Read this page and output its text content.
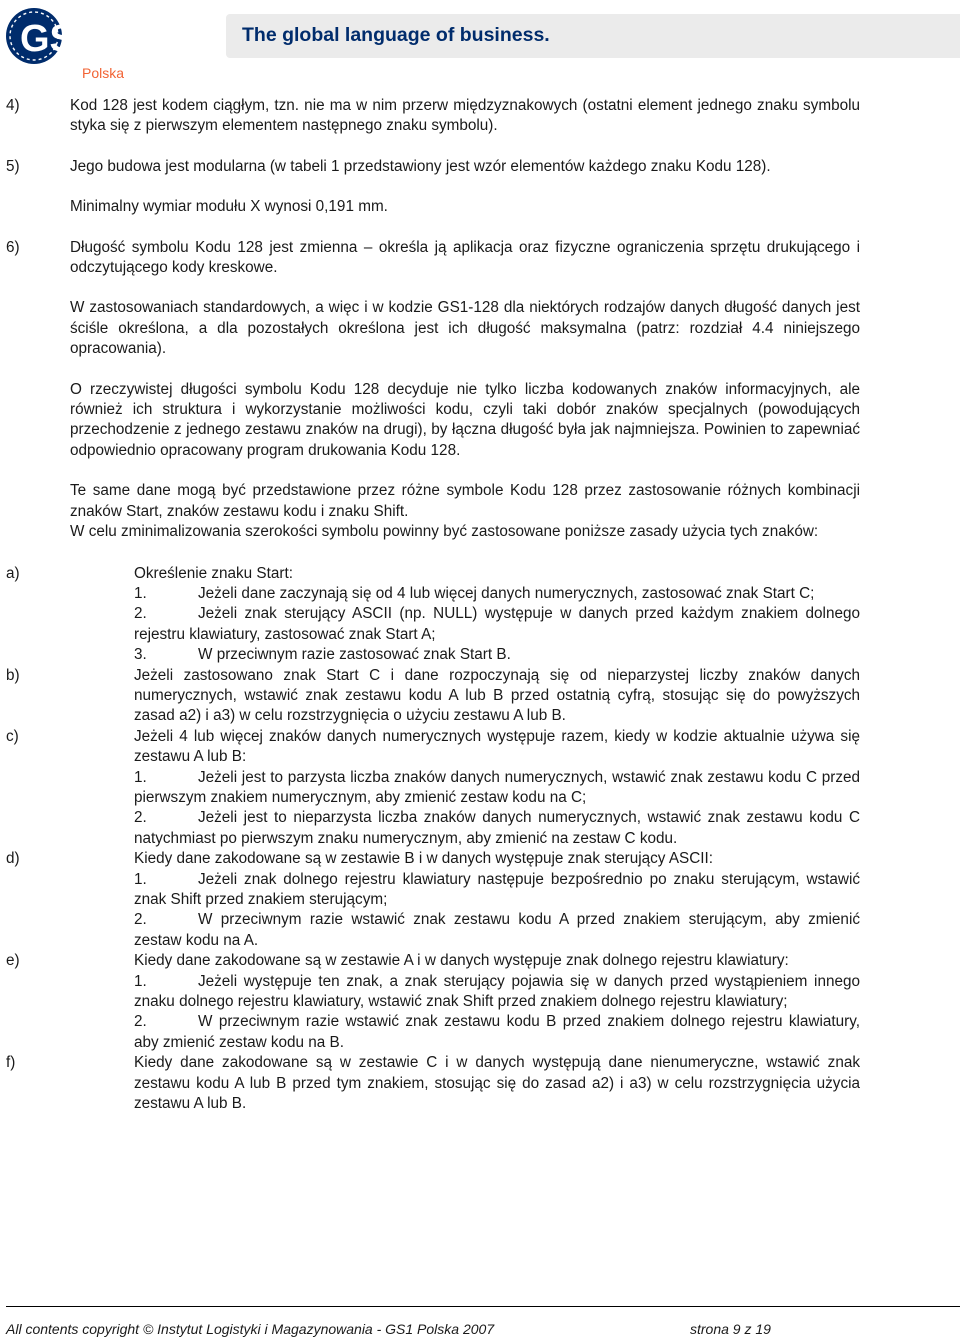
GS1
Polska
The global language of business.

4)	Kod 128 jest kodem ciągłym, tzn. nie ma w nim przerw międzyznakowych (ostatni element jednego znaku symbolu styka się z pierwszym elementem następnego znaku symbolu).

5)	Jego budowa jest modularna (w tabeli 1 przedstawiony jest wzór elementów każdego znaku Kodu 128).

Minimalny wymiar modułu X wynosi 0,191 mm.

6)	Długość symbolu Kodu 128 jest zmienna – określa ją aplikacja oraz fizyczne ograniczenia sprzętu drukującego i odczytującego kody kreskowe.

W zastosowaniach standardowych, a więc i w kodzie GS1-128 dla niektórych rodzajów danych długość danych jest ściśle określona, a dla pozostałych określona jest ich długość maksymalna (patrz: rozdział 4.4 niniejszego opracowania).

O rzeczywistej długości symbolu Kodu 128 decyduje nie tylko liczba kodowanych znaków informacyjnych, ale również ich struktura i wykorzystanie możliwości kodu, czyli taki dobór znaków specjalnych (powodujących przechodzenie z jednego zestawu znaków na drugi), by łączna długość była jak najmniejsza. Powinien to zapewniać odpowiednio opracowany program drukowania Kodu 128.

Te same dane mogą być przedstawione przez różne symbole Kodu 128 przez zastosowanie różnych kombinacji znaków Start, znaków zestawu kodu i znaku Shift.

W celu zminimalizowania szerokości symbolu powinny być zastosowane poniższe zasady użycia tych znaków:

a)	Określenie znaku Start:

1.	Jeżeli dane zaczynają się od 4 lub więcej danych numerycznych, zastosować znak Start C;

2.	Jeżeli znak sterujący ASCII (np. NULL) występuje w danych przed każdym znakiem dolnego rejestru klawiatury, zastosować znak Start A;

3.	W przeciwnym razie zastosować znak Start B.

b)	Jeżeli zastosowano znak Start C i dane rozpoczynają się od nieparzystej liczby znaków danych numerycznych, wstawić znak zestawu kodu A lub B przed ostatnią cyfrą, stosując się do powyższych zasad a2) i a3) w celu rozstrzygnięcia o użyciu zestawu A lub B.

c)	Jeżeli 4 lub więcej znaków danych numerycznych występuje razem, kiedy w kodzie aktualnie używa się zestawu A lub B:

1.	Jeżeli jest to parzysta liczba znaków danych numerycznych, wstawić znak zestawu kodu C przed pierwszym znakiem numerycznym, aby zmienić zestaw kodu na C;

2.	Jeżeli jest to nieparzysta liczba znaków danych numerycznych, wstawić znak zestawu kodu C natychmiast po pierwszym znaku numerycznym, aby zmienić na zestaw C kodu.

d)	Kiedy dane zakodowane są w zestawie B i w danych występuje znak sterujący ASCII:

1.	Jeżeli znak dolnego rejestru klawiatury następuje bezpośrednio po znaku sterującym, wstawić znak Shift przed znakiem sterującym;

2.	W przeciwnym razie wstawić znak zestawu kodu A przed znakiem sterującym, aby zmienić zestaw kodu na A.

e)	Kiedy dane zakodowane są w zestawie A i w danych występuje znak dolnego rejestru klawiatury:

1.	Jeżeli występuje ten znak, a znak sterujący pojawia się w danych przed wystąpieniem innego znaku dolnego rejestru klawiatury, wstawić znak Shift przed znakiem dolnego rejestru klawiatury;

2.	W przeciwnym razie wstawić znak zestawu kodu B przed znakiem dolnego rejestru klawiatury, aby zmienić zestaw kodu na B.

f)	Kiedy dane zakodowane są w zestawie C i w danych występują dane nienumeryczne, wstawić znak zestawu kodu A lub B przed tym znakiem, stosując się do zasad a2) i a3) w celu rozstrzygnięcia użycia zestawu A lub B.

All contents copyright © Instytut Logistyki i Magazynowania - GS1 Polska 2007	strona 9 z 19
